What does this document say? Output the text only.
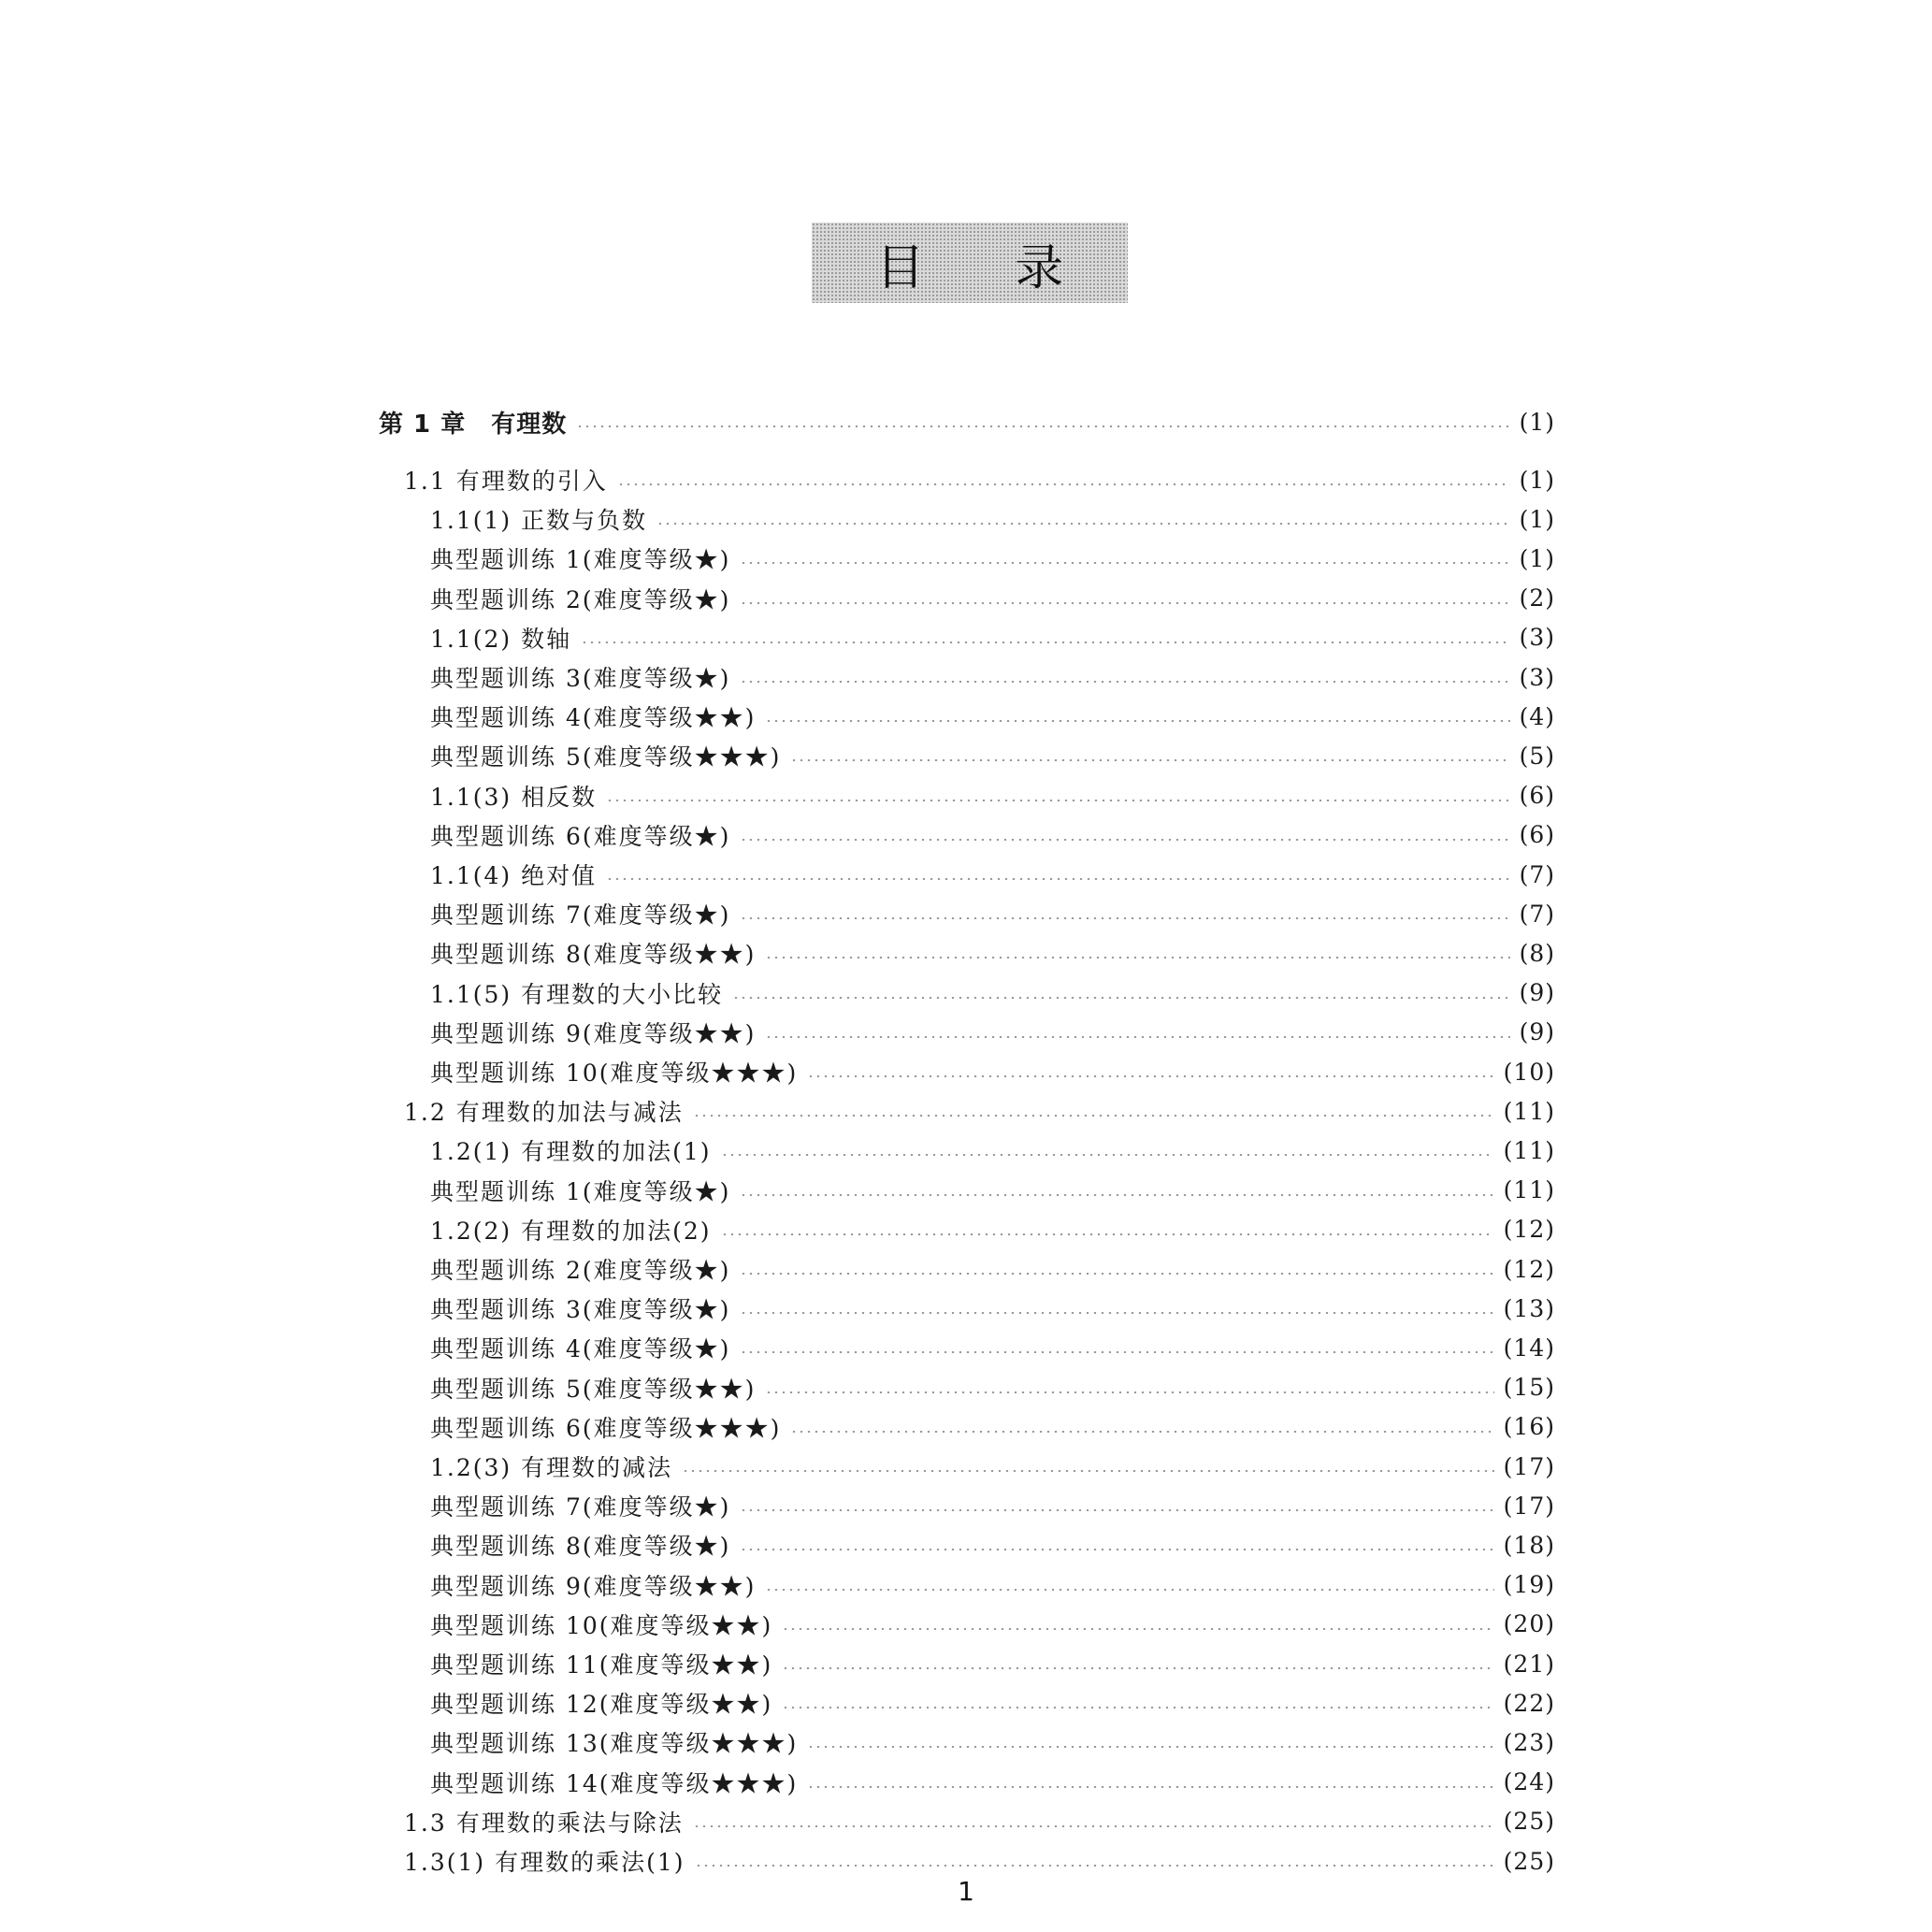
目 录
第 1 章　有理数	(1)
1.1 有理数的引入	(1)
1.1(1) 正数与负数	(1)
典型题训练 1(难度等级★)	(1)
典型题训练 2(难度等级★)	(2)
1.1(2) 数轴	(3)
典型题训练 3(难度等级★)	(3)
典型题训练 4(难度等级★★)	(4)
典型题训练 5(难度等级★★★)	(5)
1.1(3) 相反数	(6)
典型题训练 6(难度等级★)	(6)
1.1(4) 绝对值	(7)
典型题训练 7(难度等级★)	(7)
典型题训练 8(难度等级★★)	(8)
1.1(5) 有理数的大小比较	(9)
典型题训练 9(难度等级★★)	(9)
典型题训练 10(难度等级★★★)	(10)
1.2 有理数的加法与减法	(11)
1.2(1) 有理数的加法(1)	(11)
典型题训练 1(难度等级★)	(11)
1.2(2) 有理数的加法(2)	(12)
典型题训练 2(难度等级★)	(12)
典型题训练 3(难度等级★)	(13)
典型题训练 4(难度等级★)	(14)
典型题训练 5(难度等级★★)	(15)
典型题训练 6(难度等级★★★)	(16)
1.2(3) 有理数的减法	(17)
典型题训练 7(难度等级★)	(17)
典型题训练 8(难度等级★)	(18)
典型题训练 9(难度等级★★)	(19)
典型题训练 10(难度等级★★)	(20)
典型题训练 11(难度等级★★)	(21)
典型题训练 12(难度等级★★)	(22)
典型题训练 13(难度等级★★★)	(23)
典型题训练 14(难度等级★★★)	(24)
1.3 有理数的乘法与除法	(25)
1.3(1) 有理数的乘法(1)	(25)
1
